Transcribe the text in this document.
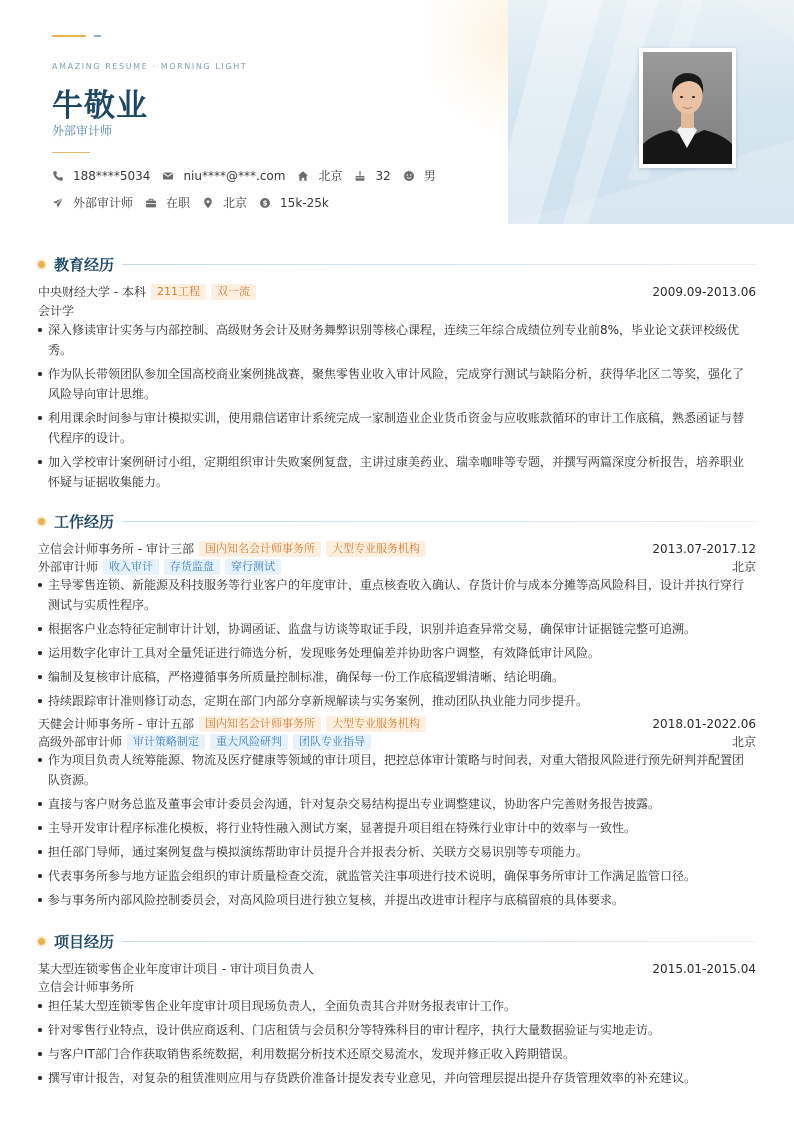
AMAZING RESUME · MORNING LIGHT
牛敬业
外部审计师
188****5034	niu****@***.com	北京	32	男
外部审计师	在职	北京 $ 15k-25k
教育经历
中央财经大学 - 本科	211工程	双一流	2009.09-2013.06
会计学
深入修读审计实务与内部控制、高级财务会计及财务舞弊识别等核心课程，连续三年综合成绩位列专业前8%，毕业论文获评校级优秀。
作为队长带领团队参加全国高校商业案例挑战赛，聚焦零售业收入审计风险，完成穿行测试与缺陷分析，获得华北区二等奖，强化了风险导向审计思维。
利用课余时间参与审计模拟实训，使用鼎信诺审计系统完成一家制造业企业货币资金与应收账款循环的审计工作底稿，熟悉函证与替代程序的设计。
加入学校审计案例研讨小组，定期组织审计失败案例复盘，主讲过康美药业、瑞幸咖啡等专题，并撰写两篇深度分析报告，培养职业怀疑与证据收集能力。
工作经历
立信会计师事务所 - 审计三部	国内知名会计师事务所	大型专业服务机构	2013.07-2017.12
外部审计师	收入审计	存货监盘	穿行测试	北京
主导零售连锁、新能源及科技服务等行业客户的年度审计，重点核查收入确认、存货计价与成本分摊等高风险科目，设计并执行穿行测试与实质性程序。
根据客户业态特征定制审计计划，协调函证、监盘与访谈等取证手段，识别并追查异常交易，确保审计证据链完整可追溯。
运用数字化审计工具对全量凭证进行筛选分析，发现账务处理偏差并协助客户调整，有效降低审计风险。
编制及复核审计底稿，严格遵循事务所质量控制标准，确保每一份工作底稿逻辑清晰、结论明确。
持续跟踪审计准则修订动态，定期在部门内部分享新规解读与实务案例，推动团队执业能力同步提升。
天健会计师事务所 - 审计五部	国内知名会计师事务所	大型专业服务机构	2018.01-2022.06
高级外部审计师	审计策略制定	重大风险研判	团队专业指导	北京
作为项目负责人统筹能源、物流及医疗健康等领域的审计项目，把控总体审计策略与时间表，对重大错报风险进行预先研判并配置团队资源。
直接与客户财务总监及董事会审计委员会沟通，针对复杂交易结构提出专业调整建议，协助客户完善财务报告披露。
主导开发审计程序标准化模板，将行业特性融入测试方案，显著提升项目组在特殊行业审计中的效率与一致性。
担任部门导师，通过案例复盘与模拟演练帮助审计员提升合并报表分析、关联方交易识别等专项能力。
代表事务所参与地方证监会组织的审计质量检查交流，就监管关注事项进行技术说明，确保事务所审计工作满足监管口径。
参与事务所内部风险控制委员会，对高风险项目进行独立复核，并提出改进审计程序与底稿留痕的具体要求。
项目经历
某大型连锁零售企业年度审计项目 - 审计项目负责人	2015.01-2015.04
立信会计师事务所
担任某大型连锁零售企业年度审计项目现场负责人，全面负责其合并财务报表审计工作。
针对零售行业特点，设计供应商返利、门店租赁与会员积分等特殊科目的审计程序，执行大量数据验证与实地走访。
与客户IT部门合作获取销售系统数据，利用数据分析技术还原交易流水，发现并修正收入跨期错误。
撰写审计报告，对复杂的租赁准则应用与存货跌价准备计提发表专业意见，并向管理层提出提升存货管理效率的补充建议。
